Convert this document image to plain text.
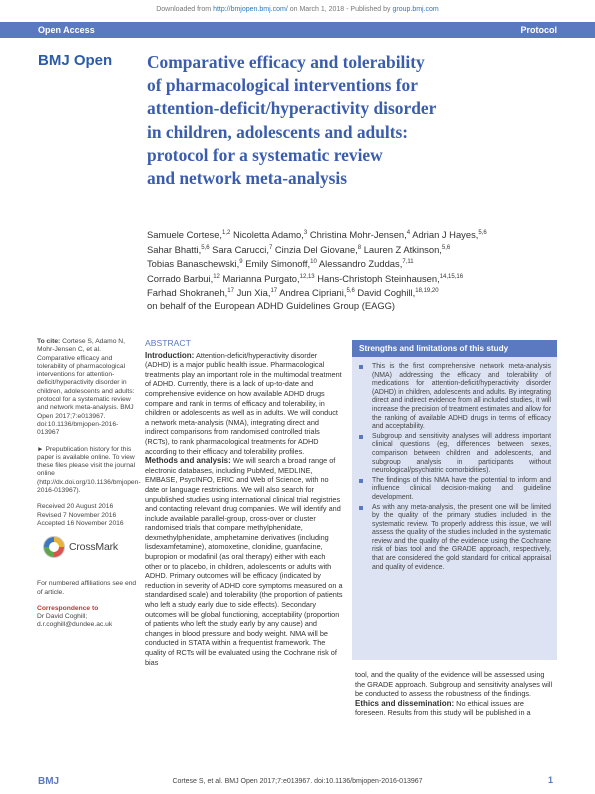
Downloaded from http://bmjopen.bmj.com/ on March 1, 2018 - Published by group.bmj.com
Open Access	Protocol
BMJ Open Comparative efficacy and tolerability
of pharmacological interventions for
attention-deficit/hyperactivity disorder
in children, adolescents and adults:
protocol for a systematic review
and network meta-analysis
Samuele Cortese,$^{1,2}$ Nicoletta Adamo,$^3$ Christina Mohr-Jensen,$^4$ Adrian J Hayes,$^{5,6}$
Sahar Bhatti,$^{5,6}$ Sara Carucci,$^7$ Cinzia Del Giovane,$^8$ Lauren Z Atkinson,$^{5,6}$
Tobias Banaschewski,$^9$ Emily Simonoff,$^{10}$ Alessandro Zuddas,$^{7,11}$
Corrado Barbui,$^{12}$ Marianna Purgato,$^{12,13}$ Hans-Christoph Steinhausen,$^{14,15,16}$
Farhad Shokraneh,$^{17}$ Jun Xia,$^{17}$ Andrea Cipriani,$^{5,6}$ David Coghill,$^{18,19,20}$
on behalf of the European ADHD Guidelines Group (EAGG)
To cite: Cortese S, Adamo N, Mohr-Jensen C, et al. Comparative efficacy and tolerability of pharmacological interventions for attention-deficit/hyperactivity disorder in children, adolescents and adults: protocol for a systematic review and network meta-analysis. BMJ Open 2017;7:e013967. doi:10.1136/bmjopen-2016-013967
► Prepublication history for this paper is available online. To view these files please visit the journal online (http://dx.doi.org/10.1136/bmjopen-2016-013967).
Received 20 August 2016
Revised 7 November 2016
Accepted 16 November 2016
CrossMark
For numbered affiliations see end of article.
Correspondence to
Dr David Coghill;
d.r.coghill@dundee.ac.uk
ABSTRACT

Introduction: Attention-deficit/hyperactivity disorder (ADHD) is a major public health issue. Pharmacological treatments play an important role in the multimodal treatment of ADHD. Currently, there is a lack of up-to-date and comprehensive evidence on how available ADHD drugs compare and rank in terms of efficacy and tolerability, in children or adolescents as well as in adults. We will conduct a network meta-analysis (NMA), integrating direct and indirect comparisons from randomised controlled trials (RCTs), to rank pharmacological treatments for ADHD according to their efficacy and tolerability profiles.

Methods and analysis: We will search a broad range of electronic databases, including PubMed, MEDLINE, EMBASE, PsycINFO, ERIC and Web of Science, with no date or language restrictions. We will also search for unpublished studies using international clinical trial registries and contacting relevant drug companies. We will identify and include available parallel-group, cross-over or cluster randomised trials that compare methylphenidate, dexmethylphenidate, amphetamine derivatives (including lisdexamfetamine), atomoxetine, clonidine, guanfacine, bupropion or modafinil (as oral therapy) either with each other or to placebo, in children, adolescents or adults with ADHD. Primary outcomes will be efficacy (indicated by reduction in severity of ADHD core symptoms measured on a standardised scale) and tolerability (the proportion of patients who left a study early due to side effects). Secondary outcomes will be global functioning, acceptability (proportion of patients who left the study early by any cause) and changes in blood pressure and body weight. NMA will be conducted in STATA within a frequentist framework. The quality of RCTs will be evaluated using the Cochrane risk of bias

Strengths and limitations of this study
This is the first comprehensive network meta-analysis (NMA) addressing the efficacy and tolerability of medications for attention-deficit/hyperactivity disorder (ADHD) in children, adolescents and adults. By integrating direct and indirect evidence from all included studies, it will increase the precision of treatment estimates and allow for the ranking of available ADHD drugs in terms of efficacy and acceptability.
Subgroup and sensitivity analyses will address important clinical questions (eg, differences between sexes, comparison between children and adolescents, and subgroup analysis in participants without neurological/psychiatric comorbidities).
The findings of this NMA have the potential to inform and influence clinical decision-making and guideline development.
As with any meta-analysis, the present one will be limited by the quality of the primary studies included in the systematic review. To properly address this issue, we will assess the quality of the studies included in the systematic review and the quality of the evidence using the Cochrane risk of bias tool and the GRADE approach, respectively, that are considered the gold standard for critical appraisal and quality of evidence.

tool, and the quality of the evidence will be assessed using the GRADE approach. Subgroup and sensitivity analyses will be conducted to assess the robustness of the findings.

Ethics and dissemination: No ethical issues are foreseen. Results from this study will be published in a

BMJ	Cortese S, et al. BMJ Open 2017;7:e013967. doi:10.1136/bmjopen-2016-013967	1
